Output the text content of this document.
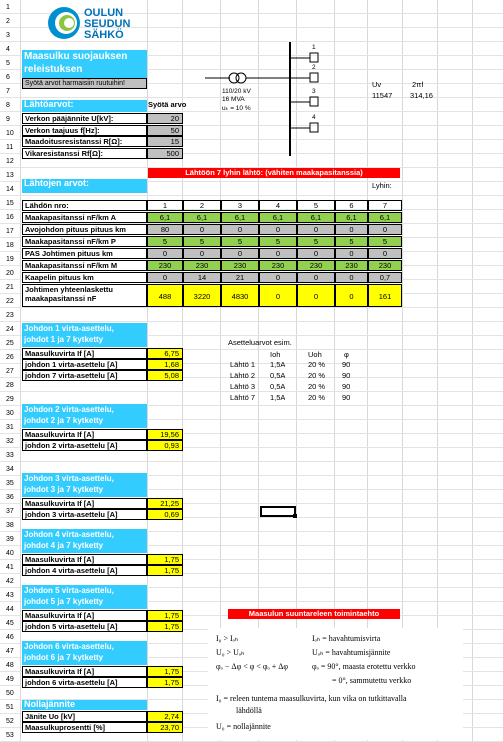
1
2
3
4
5
6
7
8
9
10
11
12
13
14
15
16
17
18
19
20
21
22
23
24
25
26
27
28
29
30
31
32
33
34
35
36
37
38
39
40
41
42
43
44
45
46
47
48
49
50
51
52
53
OULUN
SEUDUN
SÄHKÖ
Maasulku suojauksen
releistuksen
Syötä arvot harmaisiin ruutuihin!
110/20 kV
16 MVA
uₖ = 10 %
1
2
3
4
Uv	2πf
11547 314,16
Lähtöarvot:	Syötä arvo
Verkon pääjännite U[kV]:	20
Verkon taajuus f[Hz]:	50
Maadoitusresistanssi R[Ω]:	15
Vikaresistanssi Rf[Ω]:	500
Lähtöön 7 lyhin lähtö: (vähiten maakapasitanssia)
Lähtojen arvot:	Lyhin:
Lähdön nro:	1	2	3	4	5	6	7
Maakapasitanssi nF/km A	6,1	6,1	6,1	6,1	6,1	6,1	6,1
Avojohdon pituus pituus km	80	0	0	0	0	0	0
Maakapasitanssi nF/km P	5	5	5	5	5	5	5
PAS Johtimen pituus km	0	0	0	0	0	0	0
Maakapasitanssi nF/km M	230	230	230	230	230	230	230
Kaapelin pituus km	0	14	21	0	0	0	0,7
Johtimen yhteenlaskettu
maakapasitanssi nF	488	3220	4830	0	0	0	161
Johdon 1 virta-asettelu,
johdot 1 ja 7 kytketty
Maasulkuvirta If [A]	6,75
johdon 1 virta-asettelu [A]	1,68
johdon 7 virta-asettelu [A]	5,08
Johdon 2 virta-asettelu,
johdot 2 ja 7 kytketty
Maasulkuvirta If [A]	19,56
johdon 2 virta-asettelu [A]	0,93
Johdon 3 virta-asettelu,
johdot 3 ja 7 kytketty
Maasulkuvirta If [A]	21,25
johdon 3 virta-asettelu [A]	0,69
Johdon 4 virta-asettelu,
johdot 4 ja 7 kytketty
Maasulkuvirta If [A]	1,75
johdon 4 virta-asettelu [A]	1,75
Johdon 5 virta-asettelu,
johdot 5 ja 7 kytketty
Maasulkuvirta If [A]	1,75
johdon 5 virta-asettelu [A]	1,75
Johdon 6 virta-asettelu,
johdot 6 ja 7 kytketty
Maasulkuvirta If [A]	1,75
johdon 6 virta-asettelu [A]	1,75
Asetteluarvot esim.
Ioh	Uoh	φ
Lähtö 1 1,5A	20 % 90
Lähtö 2 0,5A	20 % 90
Lähtö 3 0,5A	20 % 90
Lähtö 7 1,5A	20 % 90
Maasulun suuntareleen toimintaehto
I₀ > Iₒₕ
U₀ > Uₒₕ
φₒ − Δφ < φ < φₒ + Δφ
Iₒₕ = havahtumisvirta
Uₒₕ = havahtumisjännite
φₒ = 90°, maasta erotettu verkko
= 0°, sammutettu verkko
I₀ = releen tuntema maasulkuvirta, kun vika on tutkittavalla
lähdöllä
U₀ = nollajännite
Nollajännite
Jänite Uo [kV]	2,74
Maasulkuprosentti [%]	23,70
